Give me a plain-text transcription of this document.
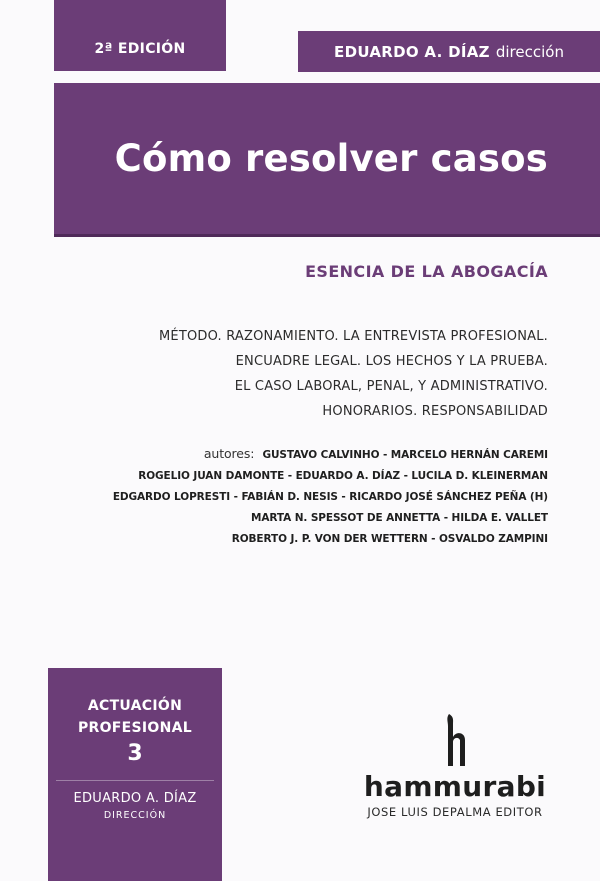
2ª EDICIÓN	EDUARDO A. DÍAZ dirección
Cómo resolver casos
ESENCIA DE LA ABOGACÍA
MÉTODO. RAZONAMIENTO. LA ENTREVISTA PROFESIONAL.
ENCUADRE LEGAL. LOS HECHOS Y LA PRUEBA.
EL CASO LABORAL, PENAL, Y ADMINISTRATIVO.
HONORARIOS. RESPONSABILIDAD
autores: GUSTAVO CALVINHO - MARCELO HERNÁN CAREMI
ROGELIO JUAN DAMONTE - EDUARDO A. DÍAZ - LUCILA D. KLEINERMAN
EDGARDO LOPRESTI - FABIÁN D. NESIS - RICARDO JOSÉ SÁNCHEZ PEÑA (H)
MARTA N. SPESSOT DE ANNETTA - HILDA E. VALLET
ROBERTO J. P. VON DER WETTERN - OSVALDO ZAMPINI
ACTUACIÓN
PROFESIONAL
3
EDUARDO A. DÍAZ
DIRECCIÓN
hammurabi
JOSE LUIS DEPALMA EDITOR
